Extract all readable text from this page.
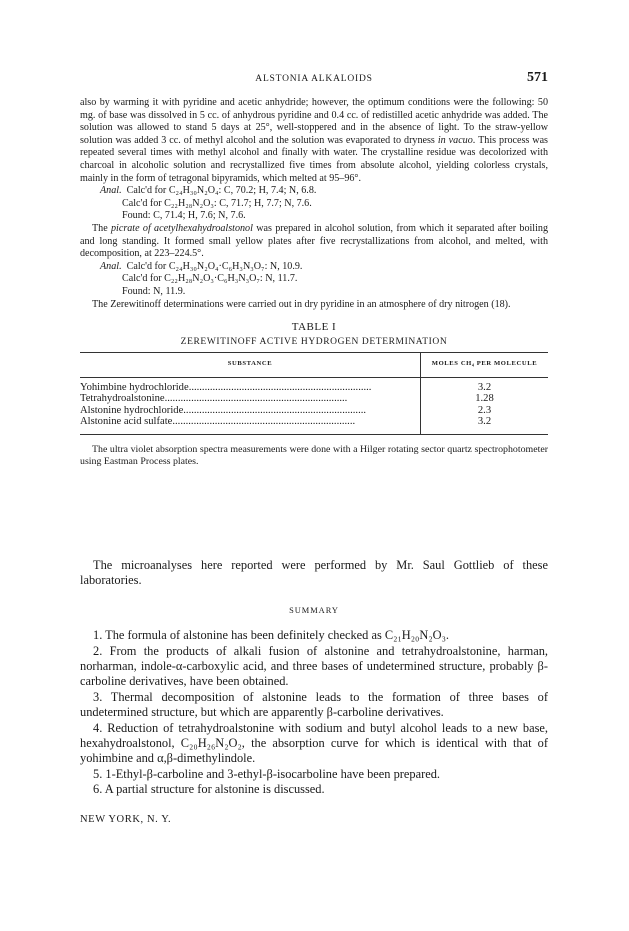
ALSTONIA ALKALOIDS	571

also by warming it with pyridine and acetic anhydride; however, the optimum conditions were the following: 50 mg. of base was dissolved in 5 cc. of anhydrous pyridine and 0.4 cc. of redistilled acetic anhydride was added. The solution was allowed to stand 5 days at 25°, well-stoppered and in the absence of light. To the straw-yellow solution was added 3 cc. of methyl alcohol and the solution was evaporated to dryness in vacuo. This process was repeated several times with methyl alcohol and finally with water. The crystalline residue was decolorized with charcoal in alcoholic solution and recrystallized five times from absolute alcohol, yielding colorless crystals, mainly in the form of tetragonal bipyramids, which melted at 95–96°.

Anal. Calc'd for C₂₄H₃₀N₂O₄: C, 70.2; H, 7.4; N, 6.8.

Calc'd for C₂₂H₂₈N₂O₃: C, 71.7; H, 7.7; N, 7.6.

Found: C, 71.4; H, 7.6; N, 7.6.

The picrate of acetylhexahydroalstonol was prepared in alcohol solution, from which it separated after boiling and long standing. It formed small yellow plates after five recrystallizations from alcohol, and melted, with decomposition, at 223–224.5°.

Anal. Calc'd for C₂₄H₃₀N₂O₄·C₆H₃N₃O₇: N, 10.9.

Calc'd for C₂₂H₂₈N₂O₃·C₆H₃N₃O₇: N, 11.7.

Found: N, 11.9.

The Zerewitinoff determinations were carried out in dry pyridine in an atmosphere of dry nitrogen (18).

TABLE I

ZEREWITINOFF ACTIVE HYDROGEN DETERMINATION

SUBSTANCE	MOLES CH₄ PER MOLECULE
Yohimbine hydrochloride.....................................................................	3.2
Tetrahydroalstonine.....................................................................	1.28
Alstonine hydrochloride.....................................................................	2.3
Alstonine acid sulfate.....................................................................	3.2

The ultra violet absorption spectra measurements were done with a Hilger rotating sector quartz spectrophotometer using Eastman Process plates.

The microanalyses here reported were performed by Mr. Saul Gottlieb of these laboratories.

SUMMARY

1. The formula of alstonine has been definitely checked as C₂₁H₂₀N₂O₃.

2. From the products of alkali fusion of alstonine and tetrahydroalstonine, harman, norharman, indole-α-carboxylic acid, and three bases of undetermined structure, probably β-carboline derivatives, have been obtained.

3. Thermal decomposition of alstonine leads to the formation of three bases of undetermined structure, but which are apparently β-carboline derivatives.

4. Reduction of tetrahydroalstonine with sodium and butyl alcohol leads to a new base, hexahydroalstonol, C₂₀H₂₆N₂O₂, the absorption curve for which is identical with that of yohimbine and α,β-dimethylindole.

5. 1-Ethyl-β-carboline and 3-ethyl-β-isocarboline have been prepared.

6. A partial structure for alstonine is discussed.

NEW YORK, N. Y.
